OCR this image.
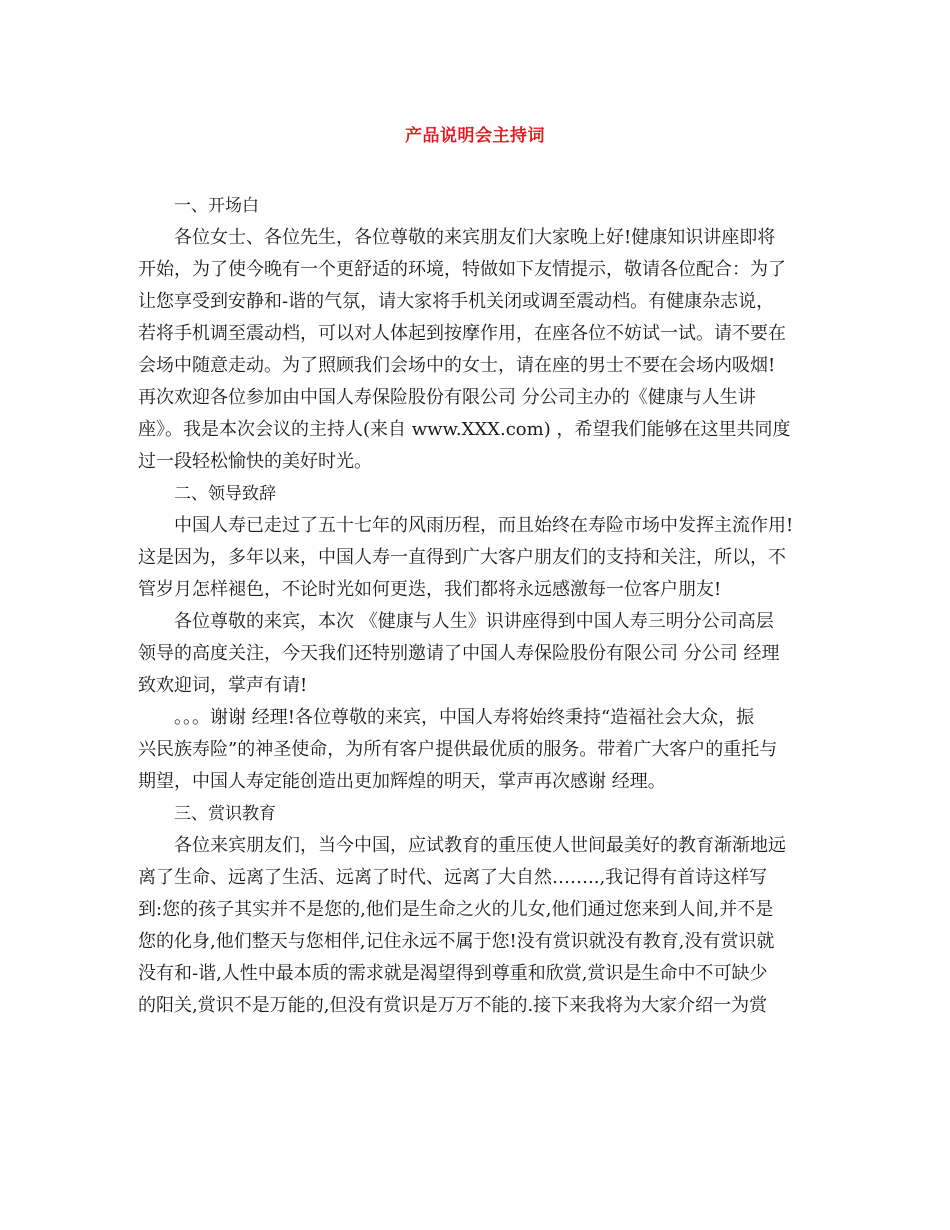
产品说明会主持词
一、开场白
各位女士、各位先生，各位尊敬的来宾朋友们大家晚上好!健康知识讲座即将
开始，为了使今晚有一个更舒适的环境，特做如下友情提示，敬请各位配合：为了
让您享受到安静和-谐的气氛，请大家将手机关闭或调至震动档。有健康杂志说，
若将手机调至震动档，可以对人体起到按摩作用，在座各位不妨试一试。请不要在
会场中随意走动。为了照顾我们会场中的女士，请在座的男士不要在会场内吸烟!
再次欢迎各位参加由中国人寿保险股份有限公司 分公司主办的《健康与人生讲
座》。我是本次会议的主持人(来自 www.XXX.com) ，希望我们能够在这里共同度
过一段轻松愉快的美好时光。
二、领导致辞
中国人寿已走过了五十七年的风雨历程，而且始终在寿险市场中发挥主流作用!
这是因为，多年以来，中国人寿一直得到广大客户朋友们的支持和关注，所以，不
管岁月怎样褪色，不论时光如何更迭，我们都将永远感激每一位客户朋友!
各位尊敬的来宾，本次 《健康与人生》识讲座得到中国人寿三明分公司高层
领导的高度关注，今天我们还特别邀请了中国人寿保险股份有限公司 分公司 经理
致欢迎词，掌声有请!
。。。谢谢 经理!各位尊敬的来宾，中国人寿将始终秉持“造福社会大众，振
兴民族寿险”的神圣使命，为所有客户提供最优质的服务。带着广大客户的重托与
期望，中国人寿定能创造出更加辉煌的明天，掌声再次感谢 经理。
三、赏识教育
各位来宾朋友们，当今中国，应试教育的重压使人世间最美好的教育渐渐地远
离了生命、远离了生活、远离了时代、远离了大自然……..,我记得有首诗这样写
到:您的孩子其实并不是您的,他们是生命之火的儿女,他们通过您来到人间,并不是
您的化身,他们整天与您相伴,记住永远不属于您!没有赏识就没有教育,没有赏识就
没有和-谐,人性中最本质的需求就是渴望得到尊重和欣赏,赏识是生命中不可缺少
的阳关,赏识不是万能的,但没有赏识是万万不能的.接下来我将为大家介绍一为赏
